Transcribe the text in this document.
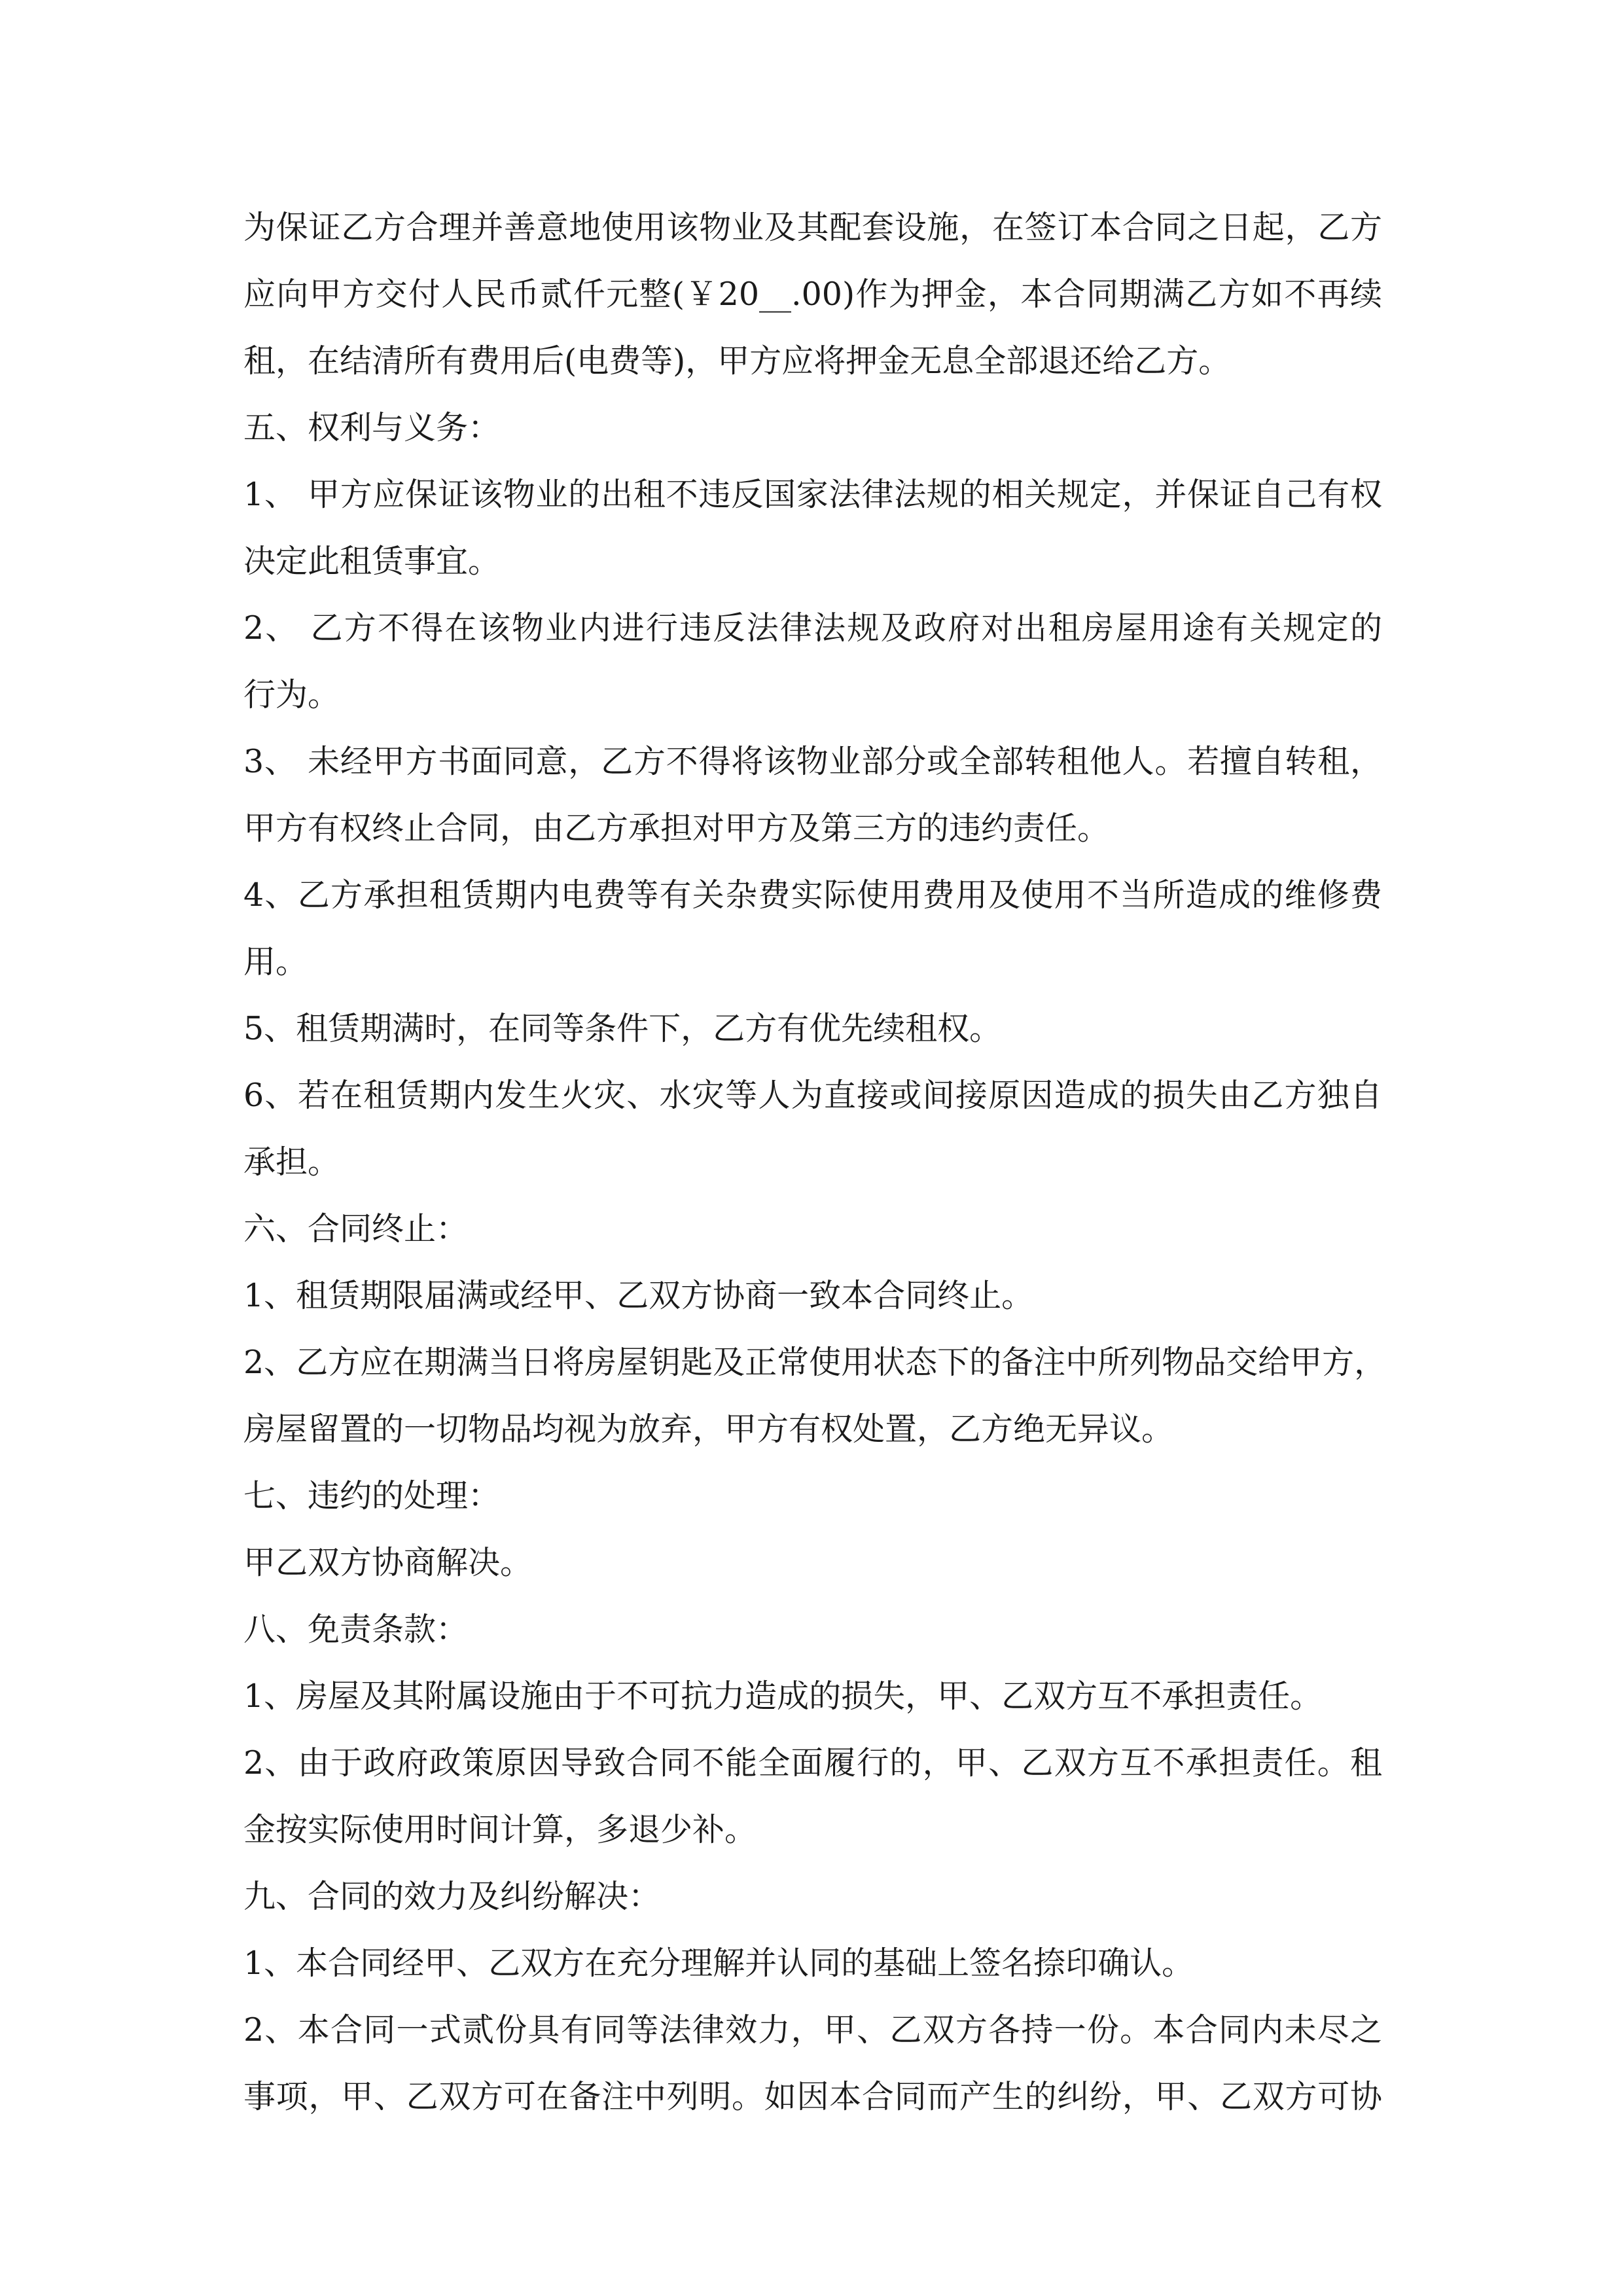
为保证乙方合理并善意地使用该物业及其配套设施，在签订本合同之日起，乙方
应向甲方交付人民币贰仟元整(￥20__.00)作为押金，本合同期满乙方如不再续
租，在结清所有费用后(电费等)，甲方应将押金无息全部退还给乙方。
五、权利与义务：
1、 甲方应保证该物业的出租不违反国家法律法规的相关规定，并保证自己有权
决定此租赁事宜。
2、 乙方不得在该物业内进行违反法律法规及政府对出租房屋用途有关规定的
行为。
3、 未经甲方书面同意，乙方不得将该物业部分或全部转租他人。若擅自转租，
甲方有权终止合同，由乙方承担对甲方及第三方的违约责任。
4、乙方承担租赁期内电费等有关杂费实际使用费用及使用不当所造成的维修费
用。
5、租赁期满时，在同等条件下，乙方有优先续租权。
6、若在租赁期内发生火灾、水灾等人为直接或间接原因造成的损失由乙方独自
承担。
六、合同终止：
1、租赁期限届满或经甲、乙双方协商一致本合同终止。
2、乙方应在期满当日将房屋钥匙及正常使用状态下的备注中所列物品交给甲方，
房屋留置的一切物品均视为放弃，甲方有权处置，乙方绝无异议。
七、违约的处理：
甲乙双方协商解决。
八、免责条款：
1、房屋及其附属设施由于不可抗力造成的损失，甲、乙双方互不承担责任。
2、由于政府政策原因导致合同不能全面履行的，甲、乙双方互不承担责任。租
金按实际使用时间计算，多退少补。
九、合同的效力及纠纷解决：
1、本合同经甲、乙双方在充分理解并认同的基础上签名捺印确认。
2、本合同一式贰份具有同等法律效力，甲、乙双方各持一份。本合同内未尽之
事项，甲、乙双方可在备注中列明。如因本合同而产生的纠纷，甲、乙双方可协
